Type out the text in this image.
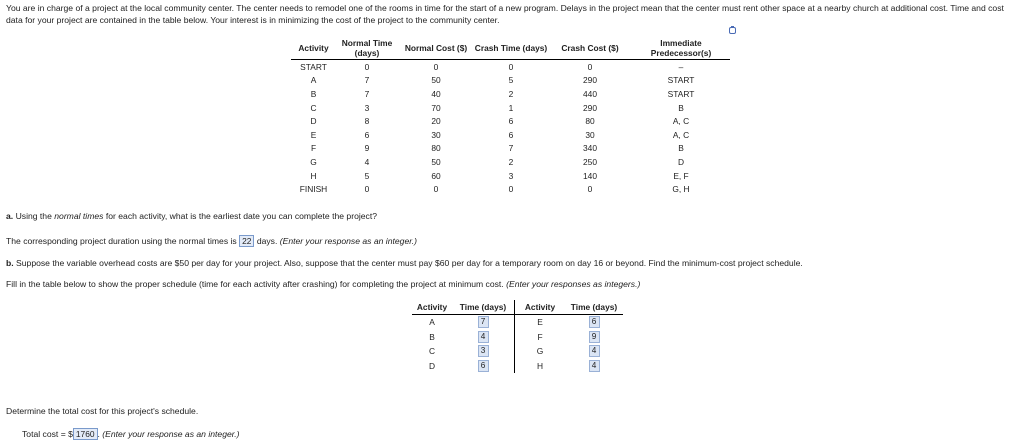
You are in charge of a project at the local community center. The center needs to remodel one of the rooms in time for the start of a new program. Delays in the project mean that the center must rent other space at a nearby church at additional cost. Time and cost data for your project are contained in the table below. Your interest is in minimizing the cost of the project to the community center.
Activity	Normal Time (days)	Normal Cost ($)	Crash Time (days)	Crash Cost ($)	Immediate Predecessor(s)
START	0	0	0	0	–
A	7	50	5	290	START
B	7	40	2	440	START
C	3	70	1	290	B
D	8	20	6	80	A, C
E	6	30	6	30	A, C
F	9	80	7	340	B
G	4	50	2	250	D
H	5	60	3	140	E, F
FINISH	0	0	0	0	G, H
a. Using the normal times for each activity, what is the earliest date you can complete the project?
The corresponding project duration using the normal times is 22 days. (Enter your response as an integer.)
b. Suppose the variable overhead costs are $50 per day for your project. Also, suppose that the center must pay $60 per day for a temporary room on day 16 or beyond. Find the minimum-cost project schedule.
Fill in the table below to show the proper schedule (time for each activity after crashing) for completing the project at minimum cost. (Enter your responses as integers.)
Activity	Time (days)	Activity	Time (days)
A	7	E	6
B	4	F	9
C	3	G	4
D	6	H	4
Determine the total cost for this project's schedule.
Total cost = $ 1760 . (Enter your response as an integer.)
